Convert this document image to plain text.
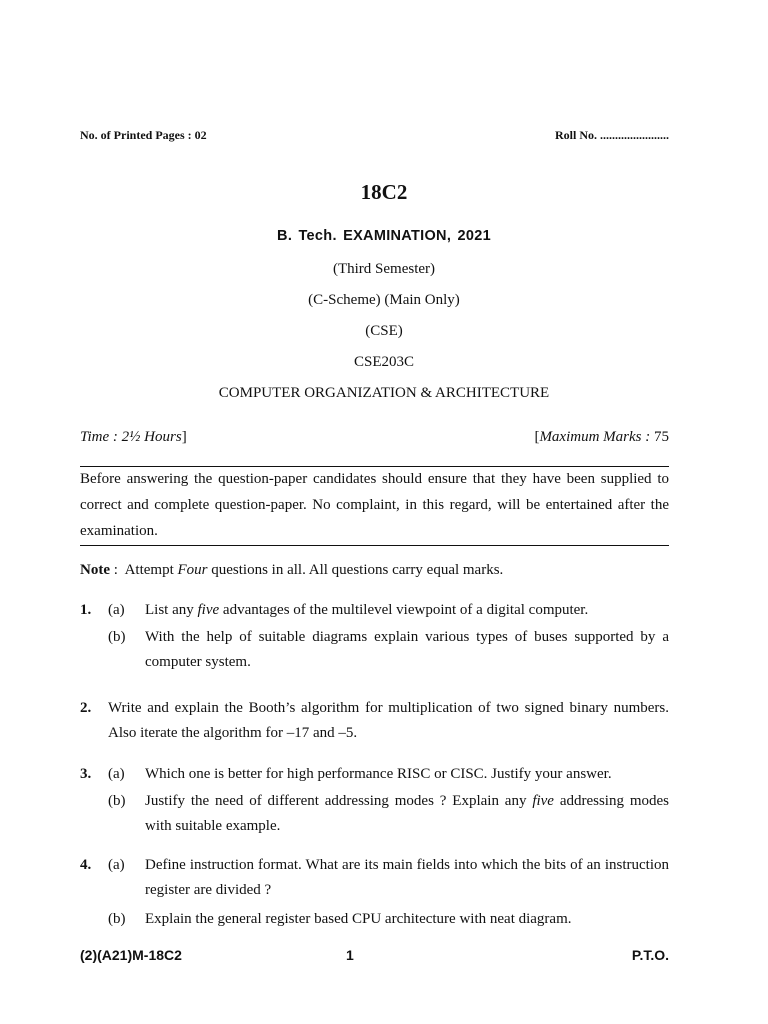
No. of Printed Pages : 02	Roll No. .......................
18C2
B. Tech. EXAMINATION, 2021
(Third Semester)
(C-Scheme) (Main Only)
(CSE)
CSE203C
COMPUTER ORGANIZATION & ARCHITECTURE
Time : 2½ Hours]	[Maximum Marks : 75
Before answering the question-paper candidates should ensure that they have been supplied to correct and complete question-paper. No complaint, in this regard, will be entertained after the examination.
Note :  Attempt Four questions in all. All questions carry equal marks.
1. (a) List any five advantages of the multilevel viewpoint of a digital computer.
(b) With the help of suitable diagrams explain various types of buses supported by a computer system.
2. Write and explain the Booth’s algorithm for multiplication of two signed binary numbers. Also iterate the algorithm for –17 and –5.
3. (a) Which one is better for high performance RISC or CISC. Justify your answer.
(b) Justify the need of different addressing modes ? Explain any five addressing modes with suitable example.
4. (a) Define instruction format. What are its main fields into which the bits of an instruction register are divided ?
(b) Explain the general register based CPU architecture with neat diagram.
(2)(A21)M-18C2	1	P.T.O.
